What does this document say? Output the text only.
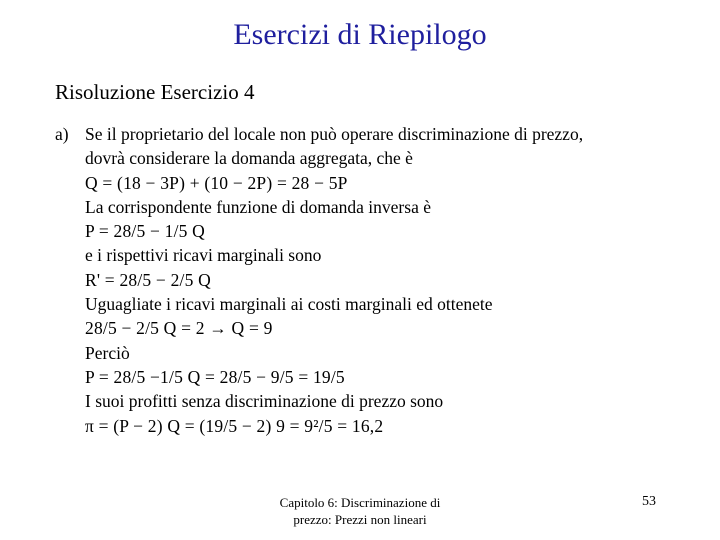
Esercizi di Riepilogo
Risoluzione Esercizio 4
a) Se il proprietario del locale non può operare discriminazione di prezzo,
dovrà considerare la domanda aggregata, che è
Q = (18 − 3P) + (10 − 2P) = 28 − 5P
La corrispondente funzione di domanda inversa è
P = 28/5 − 1/5 Q
e i rispettivi ricavi marginali sono
R' = 28/5 − 2/5 Q
Uguagliate i ricavi marginali ai costi marginali ed ottenete
28/5 − 2/5 Q = 2 → Q = 9
Perciò
P = 28/5 −1/5 Q = 28/5 − 9/5 = 19/5
I suoi profitti senza discriminazione di prezzo sono
π = (P − 2) Q = (19/5 − 2) 9 = 9²/5 = 16,2
Capitolo 6: Discriminazione di
prezzo: Prezzi non lineari
53
